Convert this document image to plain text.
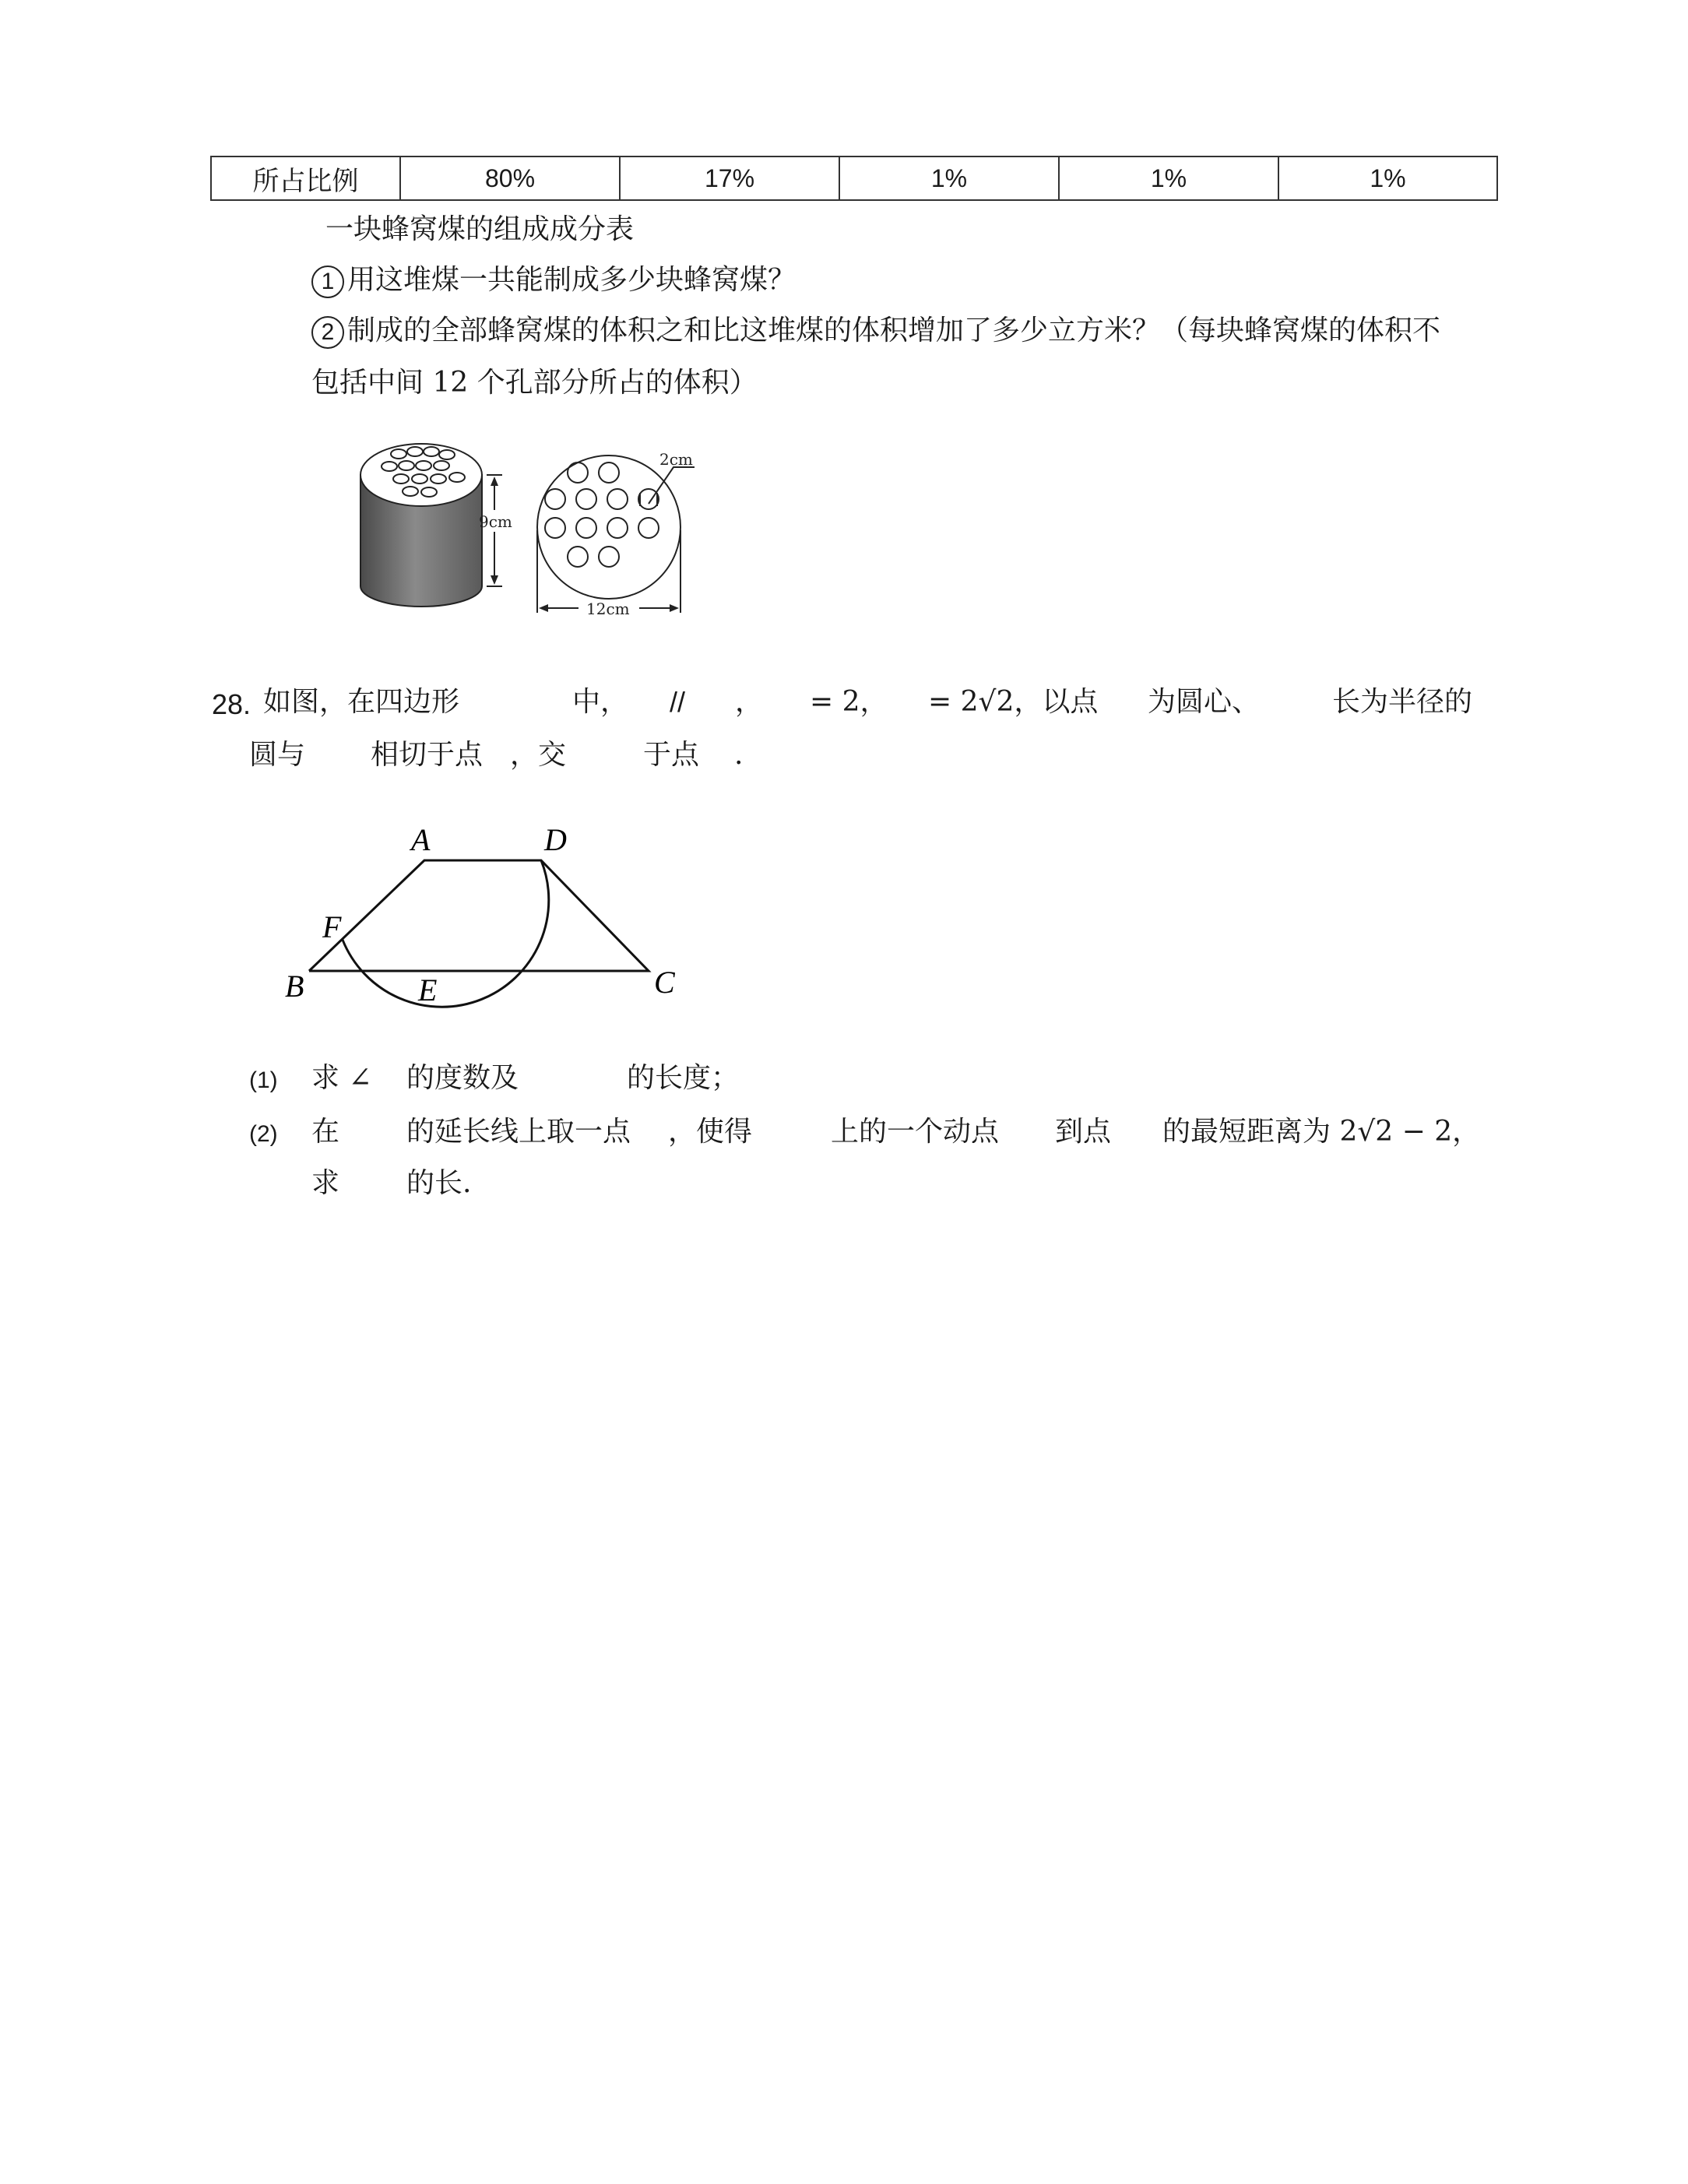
所占比例	80%	17%	1%	1%	1%
一块蜂窝煤的组成成分表
1 用这堆煤一共能制成多少块蜂窝煤？
2 制成的全部蜂窝煤的体积之和比这堆煤的体积增加了多少立方米？（每块蜂窝煤的体积不
包括中间 12 个孔部分所占的体积）
9cm
2cm
12cm
28. 如图，在四边形	中， // ， = 2， = 2√2，以点 为圆心、	长为半径的
圆与 相切于点 ，交	于点 .
A	D
F
B	E	C
(1) 求 ∠ 的度数及	的长度；
(2) 在 的延长线上取一点 ，使得	上的一个动点 到点 的最短距离为 2√2 − 2，
求 的长.
